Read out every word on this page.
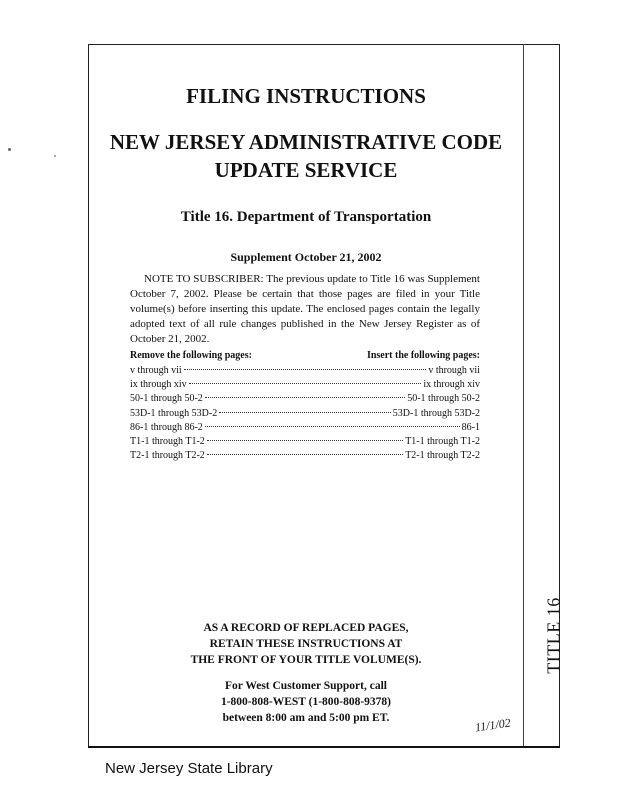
FILING INSTRUCTIONS
NEW JERSEY ADMINISTRATIVE CODE
UPDATE SERVICE
Title 16. Department of Transportation
Supplement October 21, 2002
NOTE TO SUBSCRIBER: The previous update to Title 16 was Supplement October 7, 2002. Please be certain that those pages are filed in your Title volume(s) before inserting this update. The enclosed pages contain the legally adopted text of all rule changes published in the New Jersey Register as of October 21, 2002.
Remove the following pages:	Insert the following pages:
v through vii	v through vii
ix through xiv	ix through xiv
50-1 through 50-2	50-1 through 50-2
53D-1 through 53D-2	53D-1 through 53D-2
86-1 through 86-2	86-1
T1-1 through T1-2	T1-1 through T1-2
T2-1 through T2-2	T2-1 through T2-2
AS A RECORD OF REPLACED PAGES,
RETAIN THESE INSTRUCTIONS AT
THE FRONT OF YOUR TITLE VOLUME(S).
For West Customer Support, call
1-800-808-WEST (1-800-808-9378)
between 8:00 am and 5:00 pm ET.
TITLE 16
11/1/02
New Jersey State Library
